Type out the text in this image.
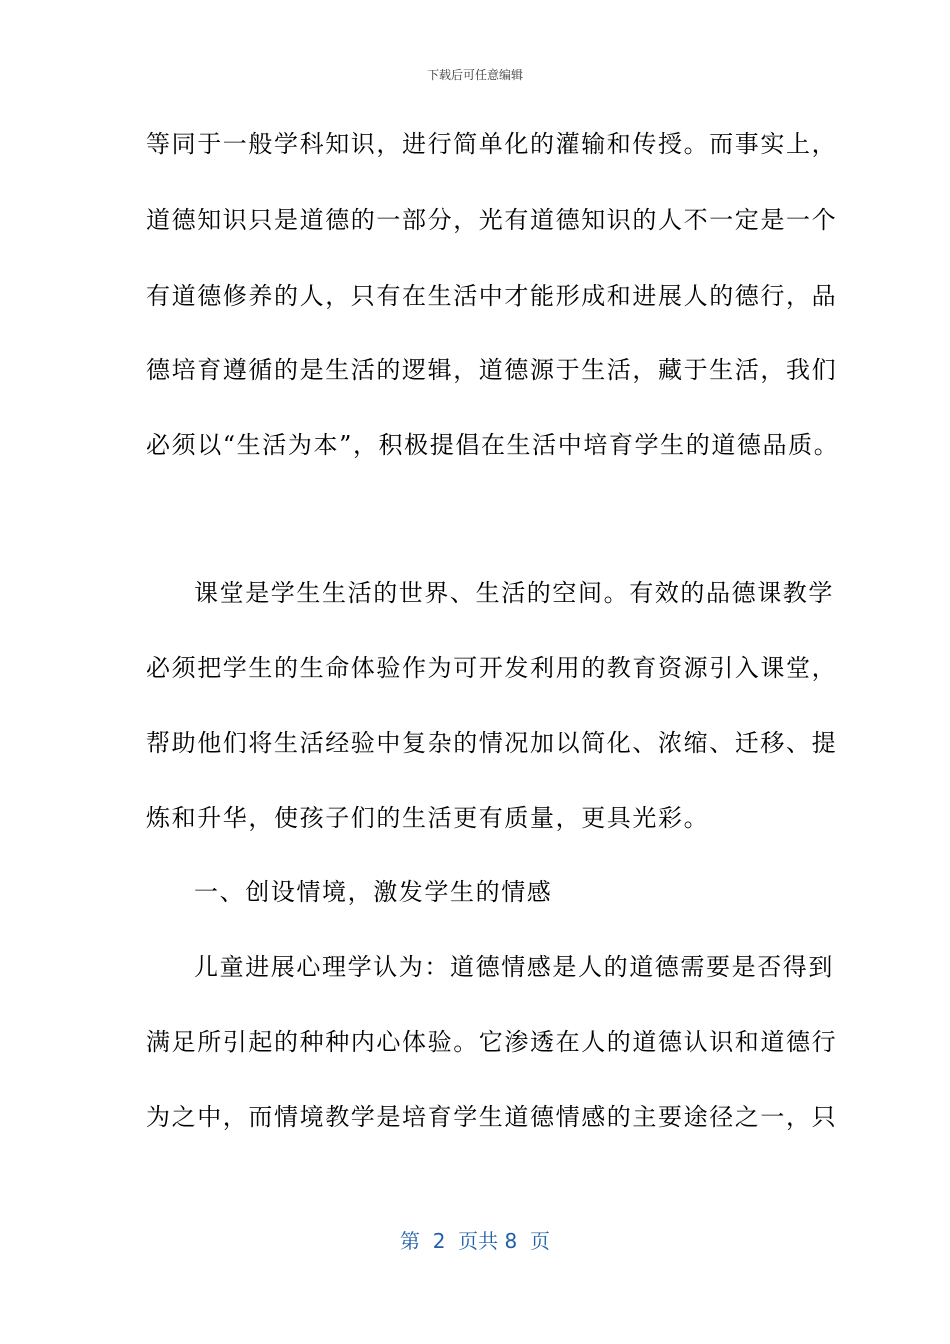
下载后可任意编辑
等同于一般学科知识，进行简单化的灌输和传授。而事实上，
道德知识只是道德的一部分，光有道德知识的人不一定是一个
有道德修养的人，只有在生活中才能形成和进展人的德行，品
德培育遵循的是生活的逻辑，道德源于生活，藏于生活，我们
必须以“生活为本”，积极提倡在生活中培育学生的道德品质。
课堂是学生生活的世界、生活的空间。有效的品德课教学
必须把学生的生命体验作为可开发利用的教育资源引入课堂，
帮助他们将生活经验中复杂的情况加以简化、浓缩、迁移、提
炼和升华，使孩子们的生活更有质量，更具光彩。
一、创设情境，激发学生的情感
儿童进展心理学认为：道德情感是人的道德需要是否得到
满足所引起的种种内心体验。它渗透在人的道德认识和道德行
为之中，而情境教学是培育学生道德情感的主要途径之一，只
第  2  页共 8  页
